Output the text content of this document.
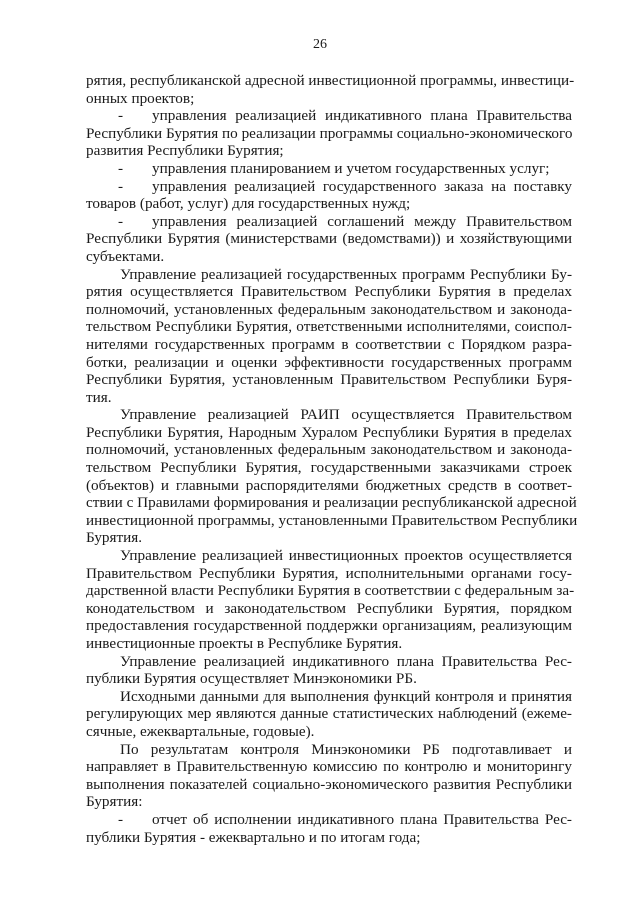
26
рятия, республиканской адресной инвестиционной программы, инвестици-
онных проектов;
- управления реализацией индикативного плана Правительства
Республики Бурятия по реализации программы социально-экономического
развития Республики Бурятия;
- управления планированием и учетом государственных услуг;
- управления реализацией государственного заказа на поставку
товаров (работ, услуг) для государственных нужд;
- управления реализацией соглашений между Правительством
Республики Бурятия (министерствами (ведомствами)) и хозяйствующими
субъектами.
Управление реализацией государственных программ Республики Бу-
рятия осуществляется Правительством Республики Бурятия в пределах
полномочий, установленных федеральным законодательством и законода-
тельством Республики Бурятия, ответственными исполнителями, соиспол-
нителями государственных программ в соответствии с Порядком разра-
ботки, реализации и оценки эффективности государственных программ
Республики Бурятия, установленным Правительством Республики Буря-
тия.
Управление реализацией РАИП осуществляется Правительством
Республики Бурятия, Народным Хуралом Республики Бурятия в пределах
полномочий, установленных федеральным законодательством и законода-
тельством Республики Бурятия, государственными заказчиками строек
(объектов) и главными распорядителями бюджетных средств в соответ-
ствии с Правилами формирования и реализации республиканской адресной
инвестиционной программы, установленными Правительством Республики
Бурятия.
Управление реализацией инвестиционных проектов осуществляется
Правительством Республики Бурятия, исполнительными органами госу-
дарственной власти Республики Бурятия в соответствии с федеральным за-
конодательством и законодательством Республики Бурятия, порядком
предоставления государственной поддержки организациям, реализующим
инвестиционные проекты в Республике Бурятия.
Управление реализацией индикативного плана Правительства Рес-
публики Бурятия осуществляет Минэкономики РБ.
Исходными данными для выполнения функций контроля и принятия
регулирующих мер являются данные статистических наблюдений (ежеме-
сячные, ежеквартальные, годовые).
По результатам контроля Минэкономики РБ подготавливает и
направляет в Правительственную комиссию по контролю и мониторингу
выполнения показателей социально-экономического развития Республики
Бурятия:
- отчет об исполнении индикативного плана Правительства Рес-
публики Бурятия - ежеквартально и по итогам года;
